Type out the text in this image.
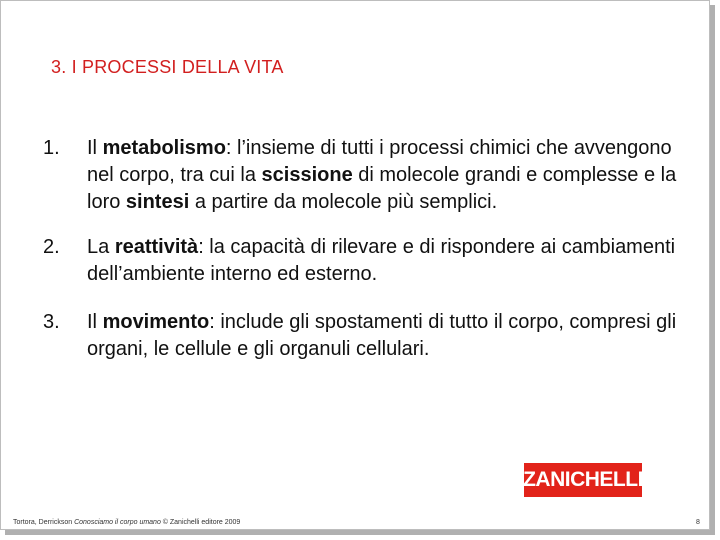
3. I PROCESSI DELLA VITA
1.	Il metabolismo: l’insieme di tutti i processi chimici che avvengono nel corpo, tra cui la scissione di molecole grandi e complesse e la loro sintesi a partire da molecole più semplici.
2.	La reattività: la capacità di rilevare e di rispondere ai cambiamenti dell’ambiente interno ed esterno.
3.	Il movimento: include gli spostamenti di tutto il corpo, compresi gli organi, le cellule e gli organuli cellulari.
ZANICHELLI
Tortora, Derrickson Conosciamo il corpo umano © Zanichelli editore 2009	8
